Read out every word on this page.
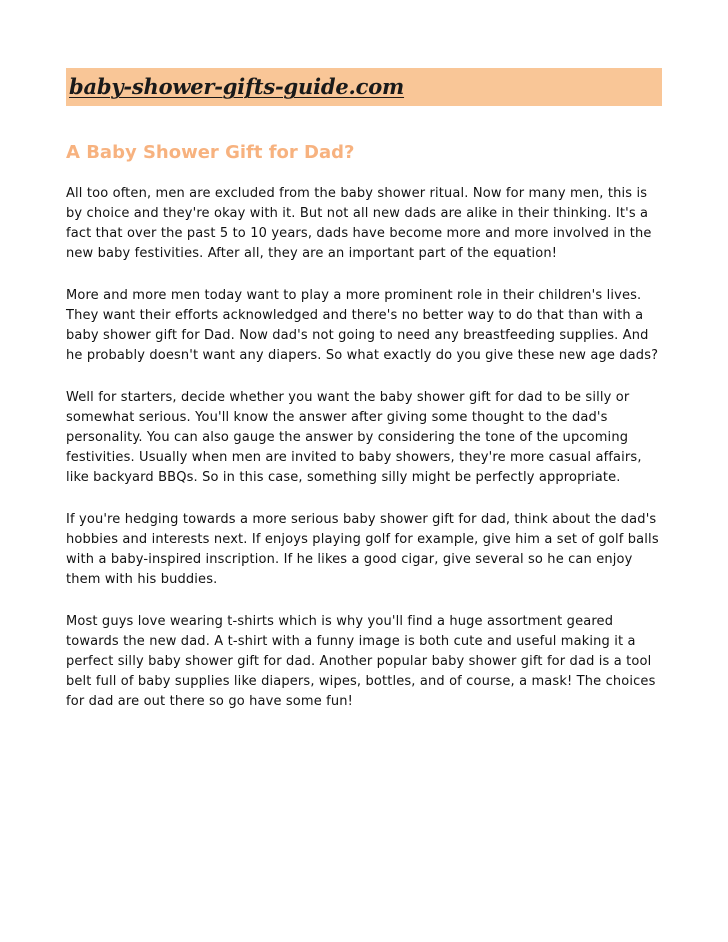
baby-shower-gifts-guide.com
A Baby Shower Gift for Dad?

All too often, men are excluded from the baby shower ritual. Now for many men, this is by choice and they're okay with it. But not all new dads are alike in their thinking. It's a fact that over the past 5 to 10 years, dads have become more and more involved in the new baby festivities. After all, they are an important part of the equation!

More and more men today want to play a more prominent role in their children's lives. They want their efforts acknowledged and there's no better way to do that than with a baby shower gift for Dad. Now dad's not going to need any breastfeeding supplies. And he probably doesn't want any diapers. So what exactly do you give these new age dads?

Well for starters, decide whether you want the baby shower gift for dad to be silly or somewhat serious. You'll know the answer after giving some thought to the dad's personality. You can also gauge the answer by considering the tone of the upcoming festivities. Usually when men are invited to baby showers, they're more casual affairs, like backyard BBQs. So in this case, something silly might be perfectly appropriate.

If you're hedging towards a more serious baby shower gift for dad, think about the dad's hobbies and interests next. If enjoys playing golf for example, give him a set of golf balls with a baby-inspired inscription. If he likes a good cigar, give several so he can enjoy them with his buddies.

Most guys love wearing t-shirts which is why you'll find a huge assortment geared towards the new dad. A t-shirt with a funny image is both cute and useful making it a perfect silly baby shower gift for dad. Another popular baby shower gift for dad is a tool belt full of baby supplies like diapers, wipes, bottles, and of course, a mask! The choices for dad are out there so go have some fun!
